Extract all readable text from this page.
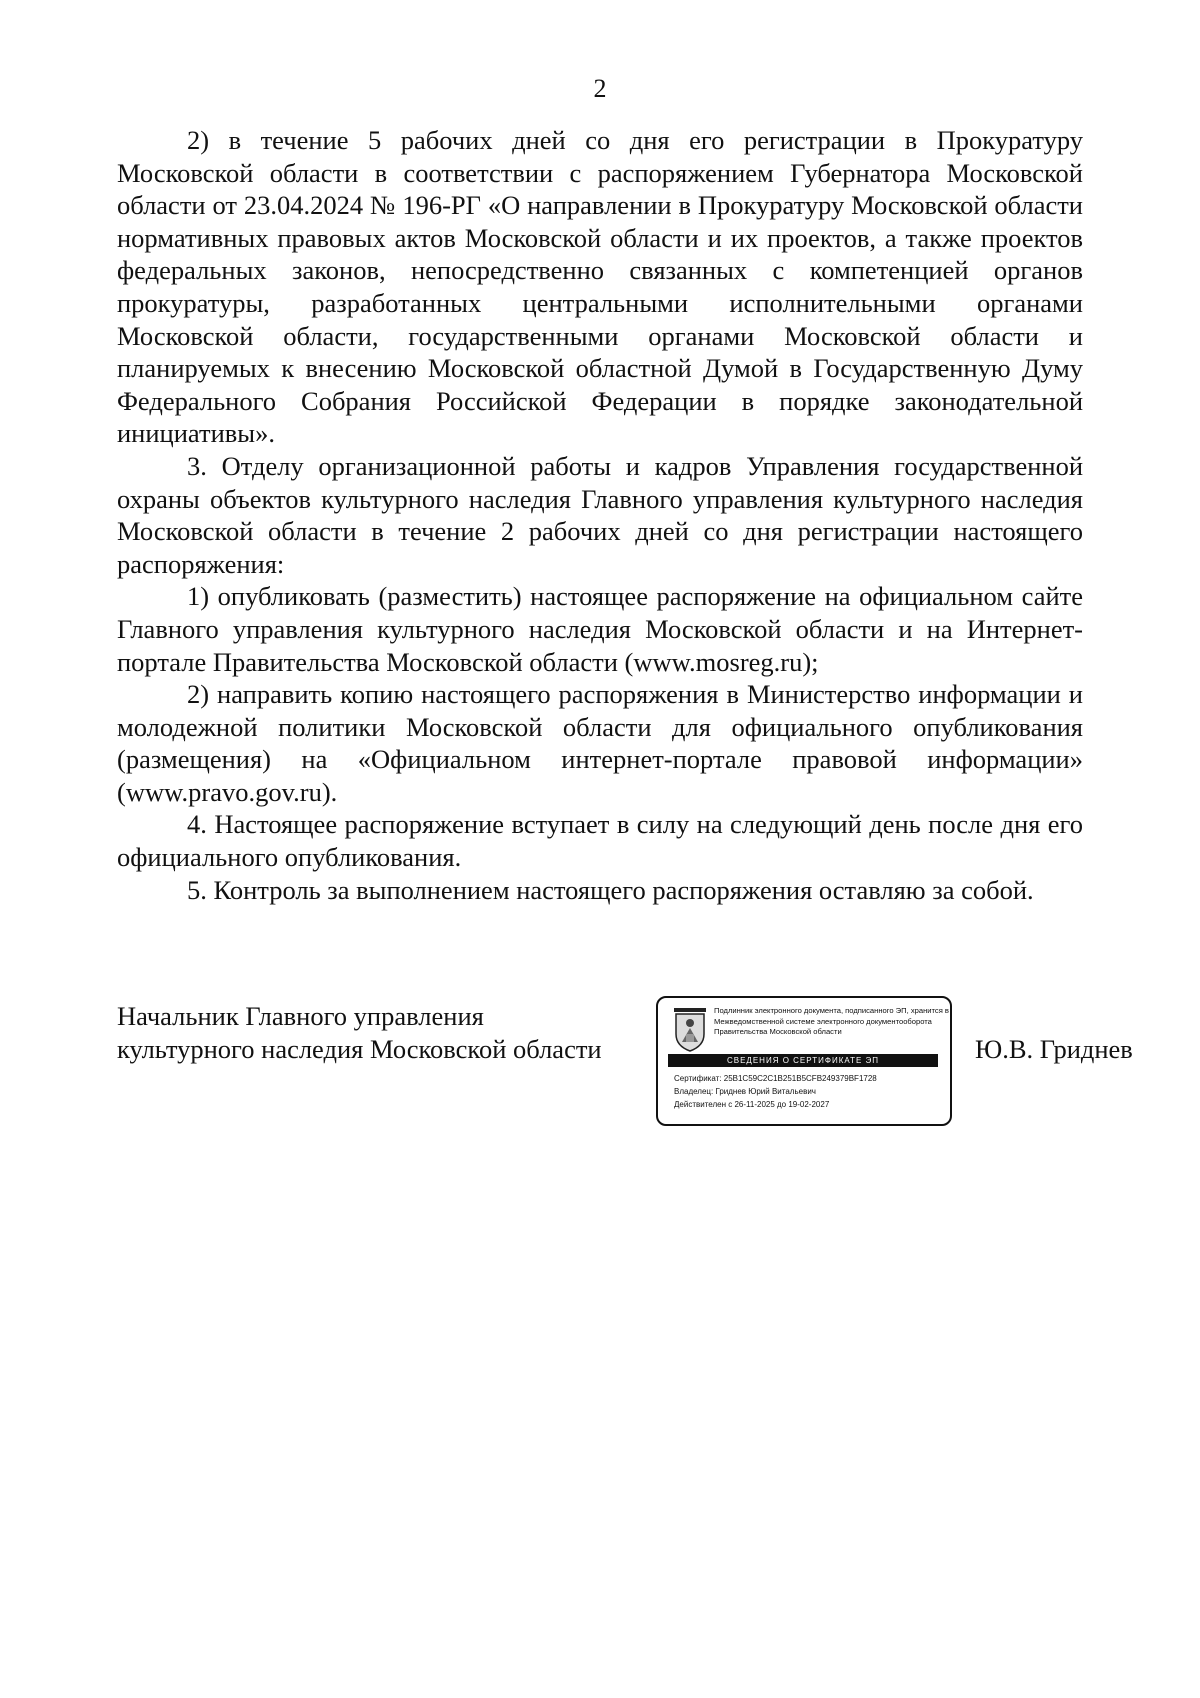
2

2) в течение 5 рабочих дней со дня его регистрации в Прокуратуру Московской области в соответствии с распоряжением Губернатора Московской области от 23.04.2024 № 196-РГ «О направлении в Прокуратуру Московской области нормативных правовых актов Московской области и их проектов, а также проектов федеральных законов, непосредственно связанных с компетенцией органов прокуратуры, разработанных центральными исполнительными органами Московской области, государственными органами Московской области и планируемых к внесению Московской областной Думой в Государственную Думу Федерального Собрания Российской Федерации в порядке законодательной инициативы».

3. Отделу организационной работы и кадров Управления государственной охраны объектов культурного наследия Главного управления культурного наследия Московской области в течение 2 рабочих дней со дня регистрации настоящего распоряжения:

1) опубликовать (разместить) настоящее распоряжение на официальном сайте Главного управления культурного наследия Московской области и на Интернет-портале Правительства Московской области (www.mosreg.ru);

2) направить копию настоящего распоряжения в Министерство информации и молодежной политики Московской области для официального опубликования (размещения) на «Официальном интернет-портале правовой информации» (www.pravo.gov.ru).

4. Настоящее распоряжение вступает в силу на следующий день после дня его официального опубликования.

5. Контроль за выполнением настоящего распоряжения оставляю за собой.

Начальник Главного управления
культурного наследия Московской области
Подлинник электронного документа, подписанного ЭП, хранится в Межведомственной системе электронного документооборота Правительства Московской области
СВЕДЕНИЯ О СЕРТИФИКАТЕ ЭП
Сертификат: 25B1C59C2C1B251B5CFB249379BF1728
Владелец: Гриднев Юрий Витальевич
Действителен с 26-11-2025 до 19-02-2027
Ю.В. Гриднев
